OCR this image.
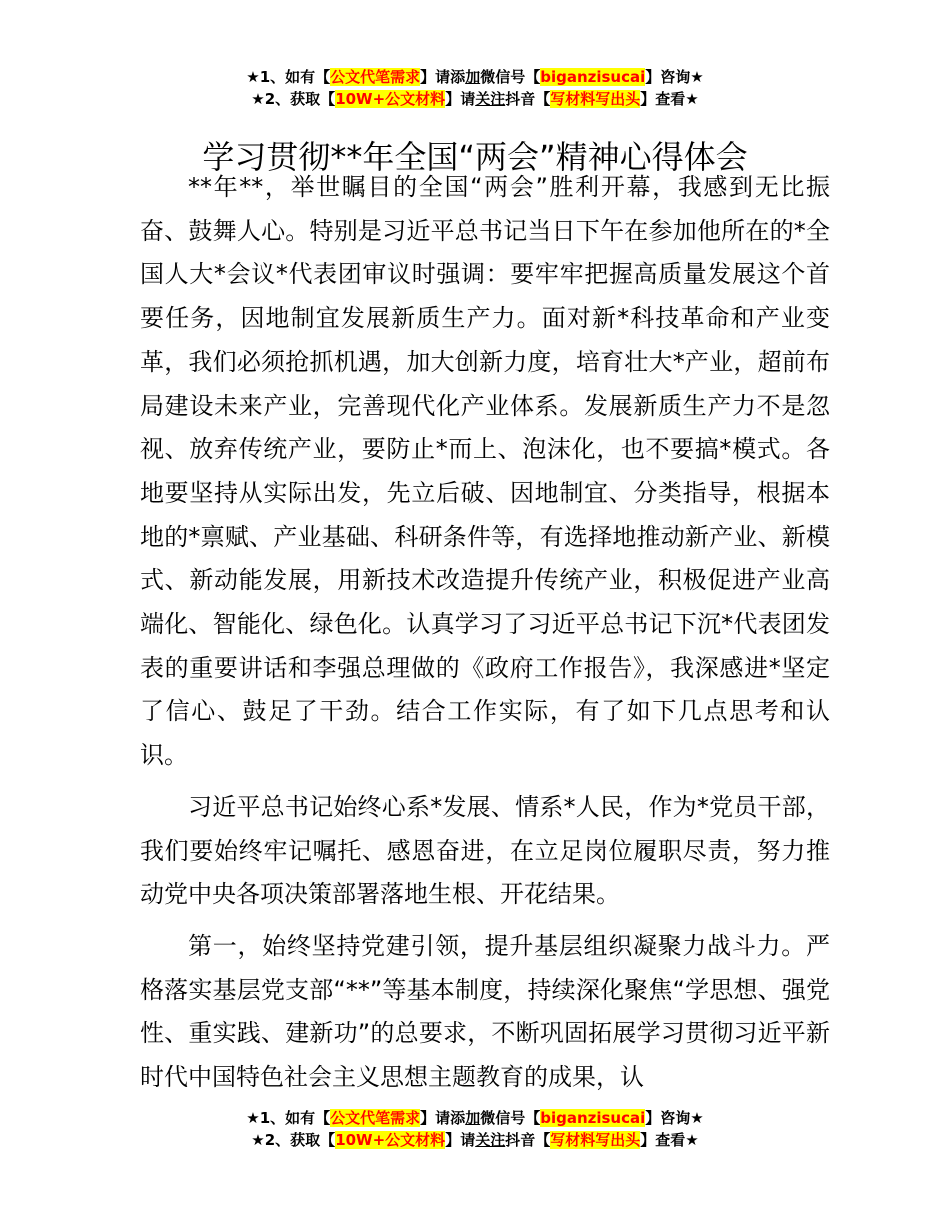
★1、如有【公文代笔需求】请添加微信号【biganzisucai】咨询★
★2、获取【10W+公文材料】请关注抖音【写材料写出头】查看★
学习贯彻**年全国“两会”精神心得体会

**年**，举世瞩目的全国“两会”胜利开幕，我感到无比振奋、鼓舞人心。特别是习近平总书记当日下午在参加他所在的*全国人大*会议*代表团审议时强调：要牢牢把握高质量发展这个首要任务，因地制宜发展新质生产力。面对新*科技革命和产业变革，我们必须抢抓机遇，加大创新力度，培育壮大*产业，超前布局建设未来产业，完善现代化产业体系。发展新质生产力不是忽视、放弃传统产业，要防止*而上、泡沫化，也不要搞*模式。各地要坚持从实际出发，先立后破、因地制宜、分类指导，根据本地的*禀赋、产业基础、科研条件等，有选择地推动新产业、新模式、新动能发展，用新技术改造提升传统产业，积极促进产业高端化、智能化、绿色化。认真学习了习近平总书记下沉*代表团发表的重要讲话和李强总理做的《政府工作报告》，我深感进*坚定了信心、鼓足了干劲。结合工作实际，有了如下几点思考和认识。

习近平总书记始终心系*发展、情系*人民，作为*党员干部，我们要始终牢记嘱托、感恩奋进，在立足岗位履职尽责，努力推动党中央各项决策部署落地生根、开花结果。

第一，始终坚持党建引领，提升基层组织凝聚力战斗力。严格落实基层党支部“**”等基本制度，持续深化聚焦“学思想、强党性、重实践、建新功”的总要求，不断巩固拓展学习贯彻习近平新时代中国特色社会主义思想主题教育的成果，认

★1、如有【公文代笔需求】请添加微信号【biganzisucai】咨询★
★2、获取【10W+公文材料】请关注抖音【写材料写出头】查看★
